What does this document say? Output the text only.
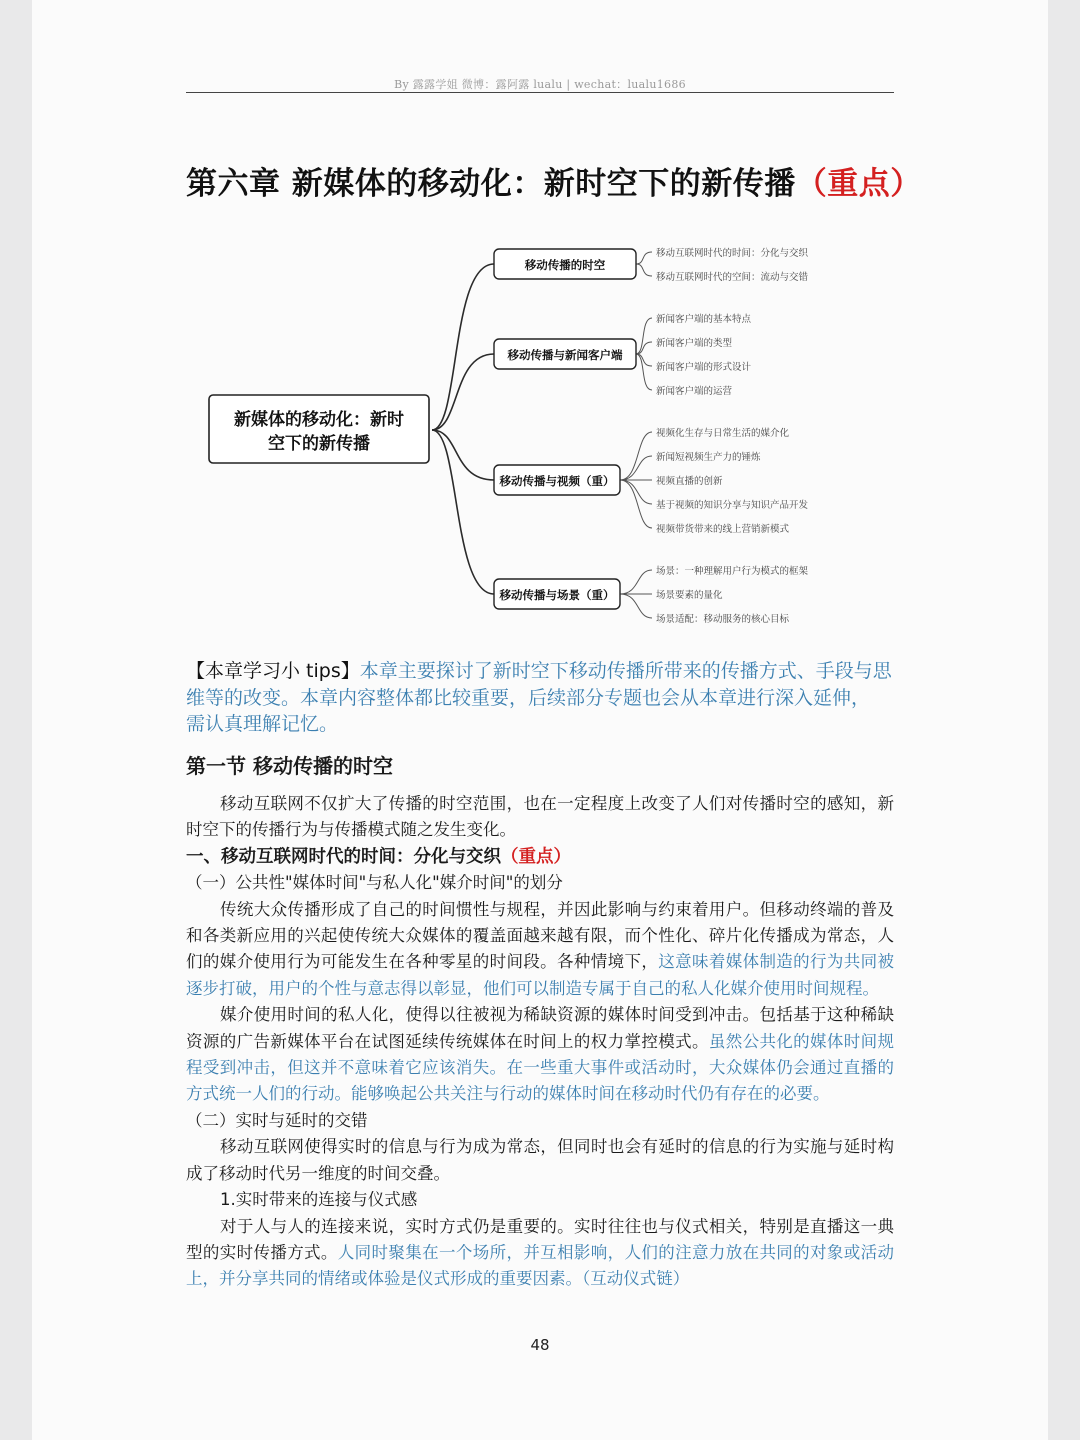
By 露露学姐 微博：露阿露 lualu | wechat：lualu1686
第六章 新媒体的移动化：新时空下的新传播（重点）
新媒体的移动化：新时
空下的新传播
移动传播的时空
移动传播与新闻客户端
移动传播与视频（重）
移动传播与场景（重）
移动互联网时代的时间：分化与交织
移动互联网时代的空间：流动与交错
新闻客户端的基本特点
新闻客户端的类型
新闻客户端的形式设计
新闻客户端的运营
视频化生存与日常生活的媒介化
新闻短视频生产力的锤炼
视频直播的创新
基于视频的知识分享与知识产品开发
视频带货带来的线上营销新模式
场景：一种理解用户行为模式的框架
场景要素的量化
场景适配：移动服务的核心目标
【本章学习小 tips】本章主要探讨了新时空下移动传播所带来的传播方式、手段与思维等的改变。本章内容整体都比较重要，后续部分专题也会从本章进行深入延伸， 需认真理解记忆。
第一节 移动传播的时空

移动互联网不仅扩大了传播的时空范围，也在一定程度上改变了人们对传播时空的感知，新时空下的传播行为与传播模式随之发生变化。

一、移动互联网时代的时间：分化与交织（重点）

（一）公共性"媒体时间"与私人化"媒介时间"的划分

传统大众传播形成了自己的时间惯性与规程，并因此影响与约束着用户。但移动终端的普及和各类新应用的兴起使传统大众媒体的覆盖面越来越有限，而个性化、碎片化传播成为常态，人们的媒介使用行为可能发生在各种零星的时间段。各种情境下，这意味着媒体制造的行为共同被逐步打破，用户的个性与意志得以彰显，他们可以制造专属于自己的私人化媒介使用时间规程。

媒介使用时间的私人化，使得以往被视为稀缺资源的媒体时间受到冲击。包括基于这种稀缺资源的广告新媒体平台在试图延续传统媒体在时间上的权力掌控模式。虽然公共化的媒体时间规程受到冲击，但这并不意味着它应该消失。在一些重大事件或活动时，大众媒体仍会通过直播的方式统一人们的行动。能够唤起公共关注与行动的媒体时间在移动时代仍有存在的必要。

（二）实时与延时的交错

移动互联网使得实时的信息与行为成为常态，但同时也会有延时的信息的行为实施与延时构成了移动时代另一维度的时间交叠。

1.实时带来的连接与仪式感

对于人与人的连接来说，实时方式仍是重要的。实时往往也与仪式相关，特别是直播这一典型的实时传播方式。人同时聚集在一个场所，并互相影响，人们的注意力放在共同的对象或活动上，并分享共同的情绪或体验是仪式形成的重要因素。（互动仪式链）

48
